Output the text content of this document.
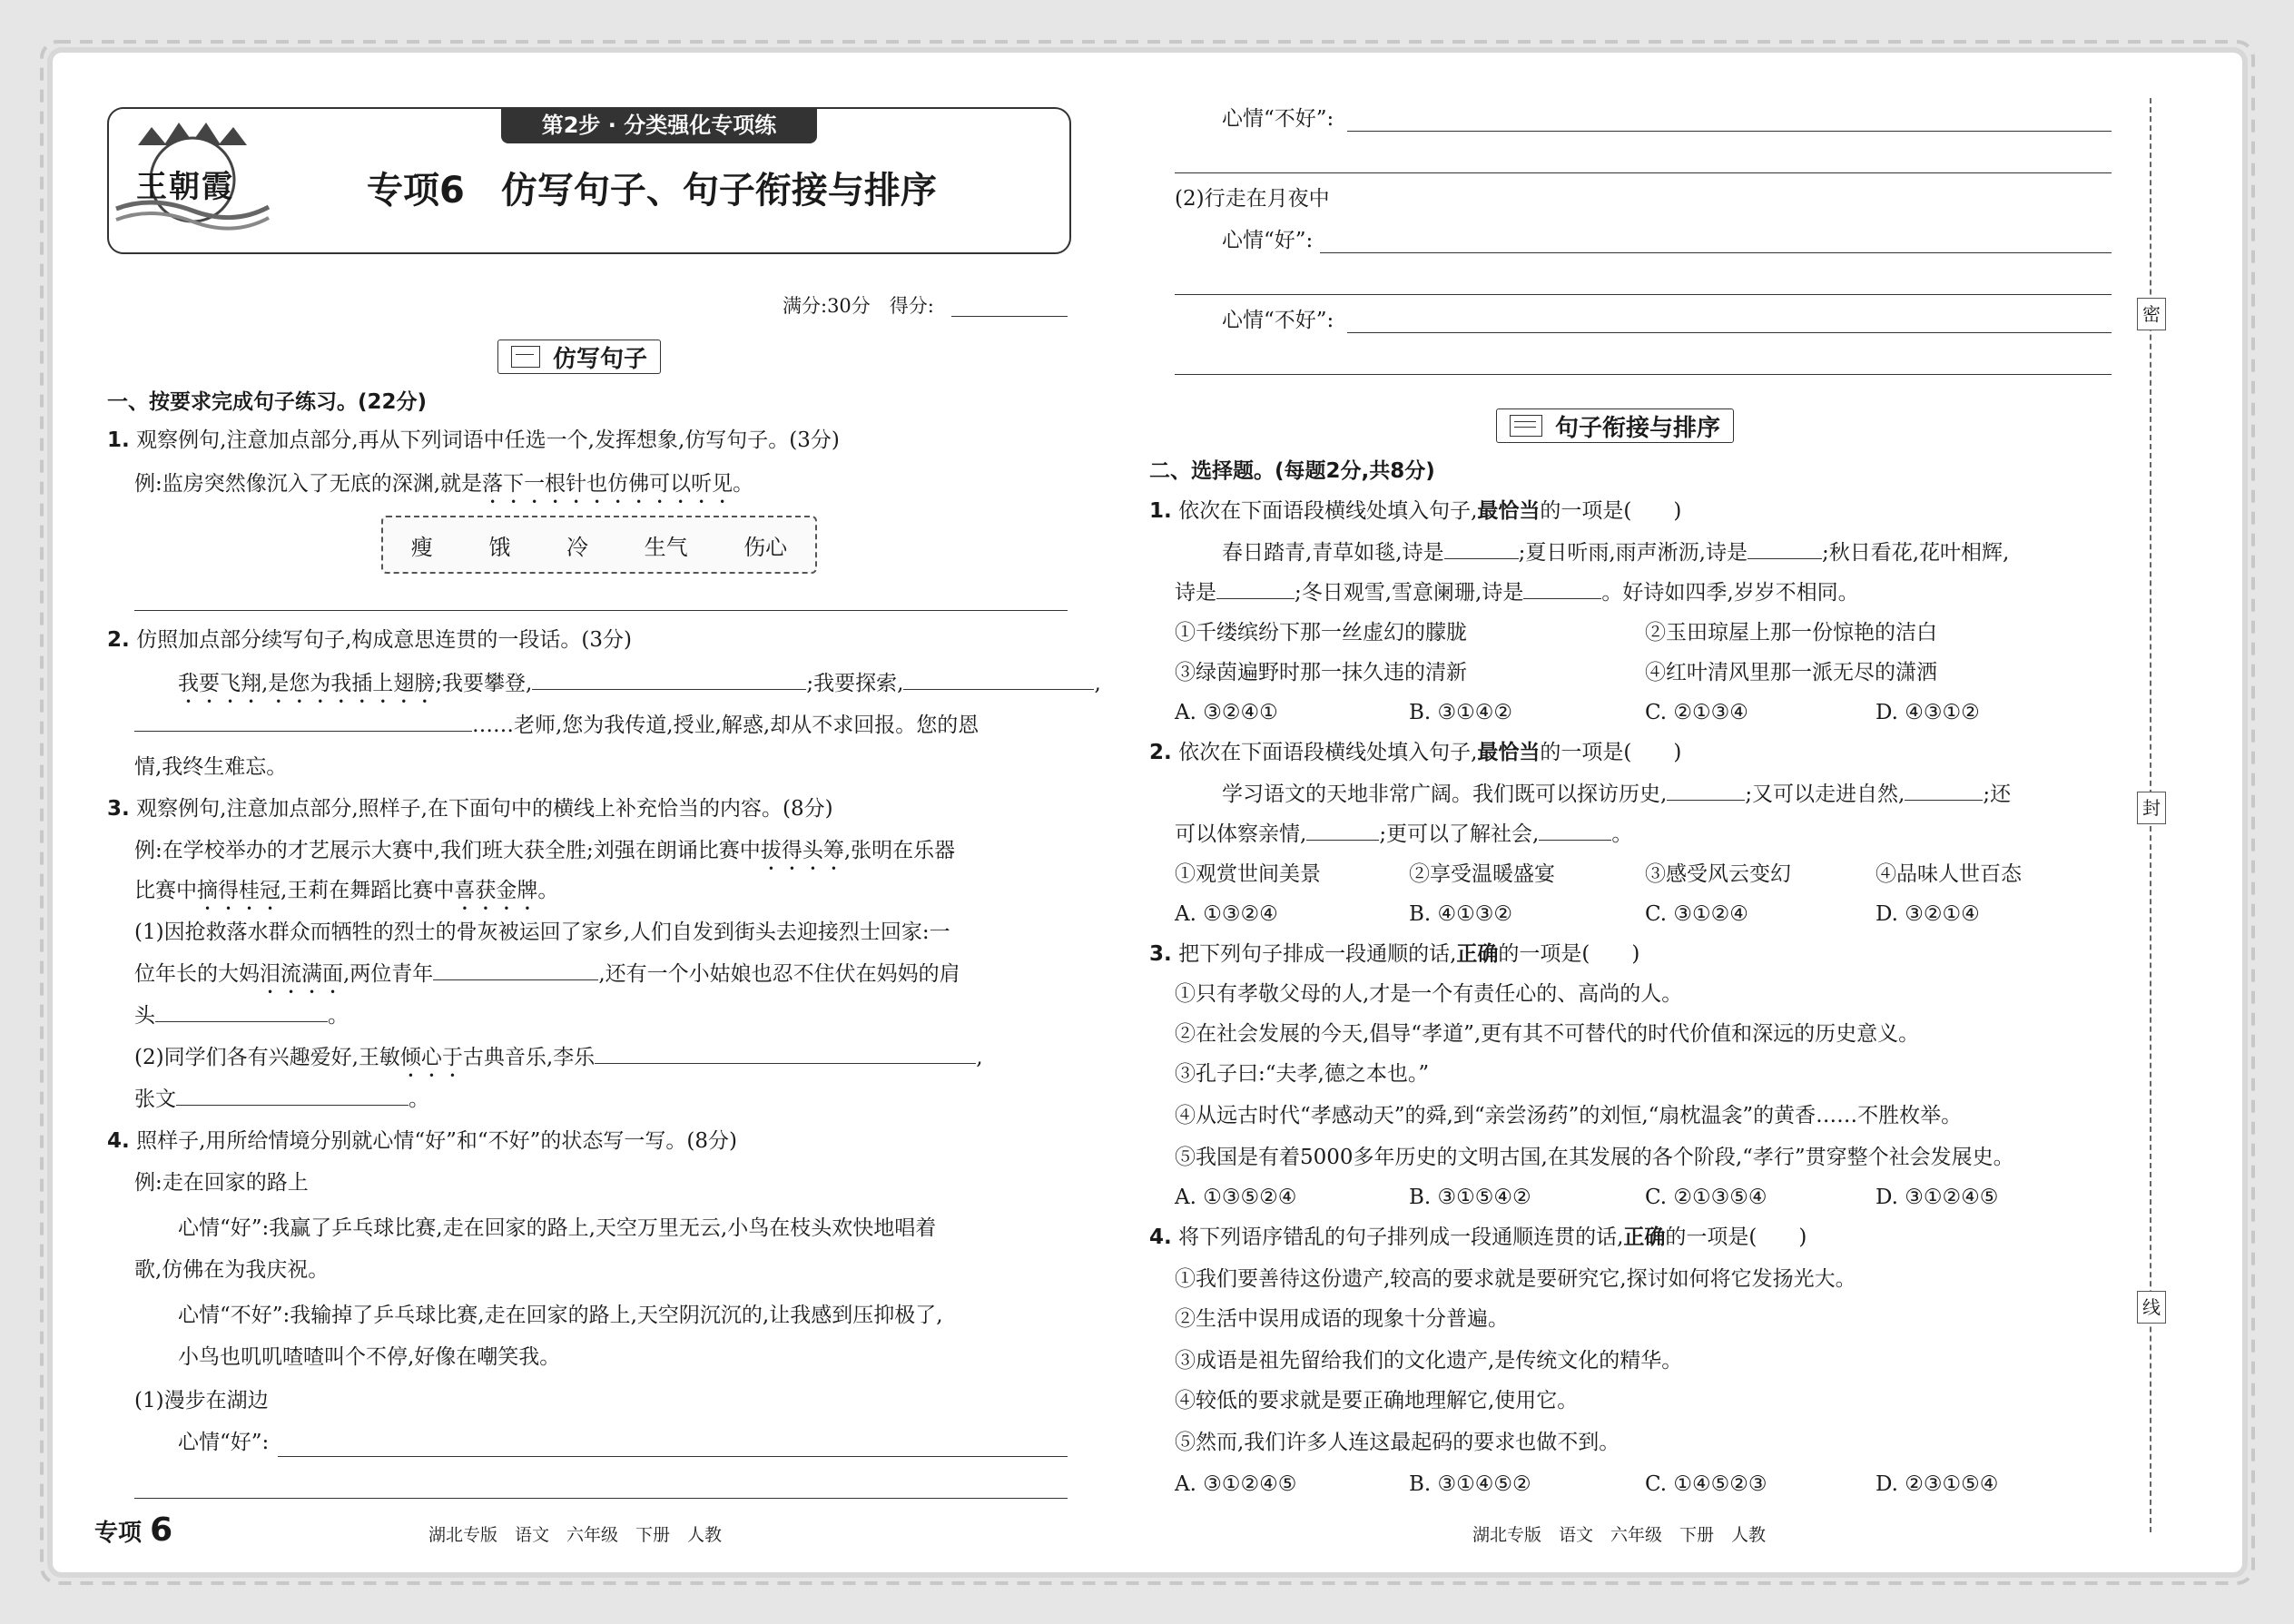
王朝霞
第2步 · 分类强化专项练
专项6　仿写句子、句子衔接与排序
满分:30分　得分:
仿写句子
一、按要求完成句子练习。(22分)
1. 观察例句,注意加点部分,再从下列词语中任选一个,发挥想象,仿写句子。(3分)
例:监房突然像沉入了无底的深渊,就是落下一根针也仿佛可以听见。
瘦	饿	冷	生气	伤心
2. 仿照加点部分续写句子,构成意思连贯的一段话。(3分)
我要飞翔,是您为我插上翅膀;我要攀登,	;我要探索,	,
……老师,您为我传道,授业,解惑,却从不求回报。您的恩
情,我终生难忘。
3. 观察例句,注意加点部分,照样子,在下面句中的横线上补充恰当的内容。(8分)
例:在学校举办的才艺展示大赛中,我们班大获全胜;刘强在朗诵比赛中拔得头筹,张明在乐器
比赛中摘得桂冠,王莉在舞蹈比赛中喜获金牌。
(1)因抢救落水群众而牺牲的烈士的骨灰被运回了家乡,人们自发到街头去迎接烈士回家:一
位年长的大妈泪流满面,两位青年	,还有一个小姑娘也忍不住伏在妈妈的肩
头	。
(2)同学们各有兴趣爱好,王敏倾心于古典音乐,李乐	,
张文	。
4. 照样子,用所给情境分别就心情“好”和“不好”的状态写一写。(8分)
例:走在回家的路上
心情“好”:我赢了乒乓球比赛,走在回家的路上,天空万里无云,小鸟在枝头欢快地唱着
歌,仿佛在为我庆祝。
心情“不好”:我输掉了乒乓球比赛,走在回家的路上,天空阴沉沉的,让我感到压抑极了,
小鸟也叽叽喳喳叫个不停,好像在嘲笑我。
(1)漫步在湖边
心情“好”:
心情“不好”:
(2)行走在月夜中
心情“好”:
心情“不好”:
句子衔接与排序
二、选择题。(每题2分,共8分)
1. 依次在下面语段横线处填入句子,最恰当的一项是(　　)
春日踏青,青草如毯,诗是	;夏日听雨,雨声淅沥,诗是	;秋日看花,花叶相辉,
诗是	;冬日观雪,雪意阑珊,诗是	。好诗如四季,岁岁不相同。
①千缕缤纷下那一丝虚幻的朦胧	②玉田琼屋上那一份惊艳的洁白
③绿茵遍野时那一抹久违的清新	④红叶清风里那一派无尽的潇洒
A. ③②④①	B. ③①④②	C. ②①③④	D. ④③①②
2. 依次在下面语段横线处填入句子,最恰当的一项是(　　)
学习语文的天地非常广阔。我们既可以探访历史,	;又可以走进自然,	;还
可以体察亲情,	;更可以了解社会,	。
①观赏世间美景	②享受温暖盛宴	③感受风云变幻	④品味人世百态
A. ①③②④	B. ④①③②	C. ③①②④	D. ③②①④
3. 把下列句子排成一段通顺的话,正确的一项是(　　)
①只有孝敬父母的人,才是一个有责任心的、高尚的人。
②在社会发展的今天,倡导“孝道”,更有其不可替代的时代价值和深远的历史意义。
③孔子曰:“夫孝,德之本也。”
④从远古时代“孝感动天”的舜,到“亲尝汤药”的刘恒,“扇枕温衾”的黄香……不胜枚举。
⑤我国是有着5000多年历史的文明古国,在其发展的各个阶段,“孝行”贯穿整个社会发展史。
A. ①③⑤②④	B. ③①⑤④②	C. ②①③⑤④	D. ③①②④⑤
4. 将下列语序错乱的句子排列成一段通顺连贯的话,正确的一项是(　　)
①我们要善待这份遗产,较高的要求就是要研究它,探讨如何将它发扬光大。
②生活中误用成语的现象十分普遍。
③成语是祖先留给我们的文化遗产,是传统文化的精华。
④较低的要求就是要正确地理解它,使用它。
⑤然而,我们许多人连这最起码的要求也做不到。
A. ③①②④⑤	B. ③①④⑤②	C. ①④⑤②③	D. ②③①⑤④
密
封
线
专项 6	湖北专版　语文　六年级　下册　人教	湖北专版　语文　六年级　下册　人教
